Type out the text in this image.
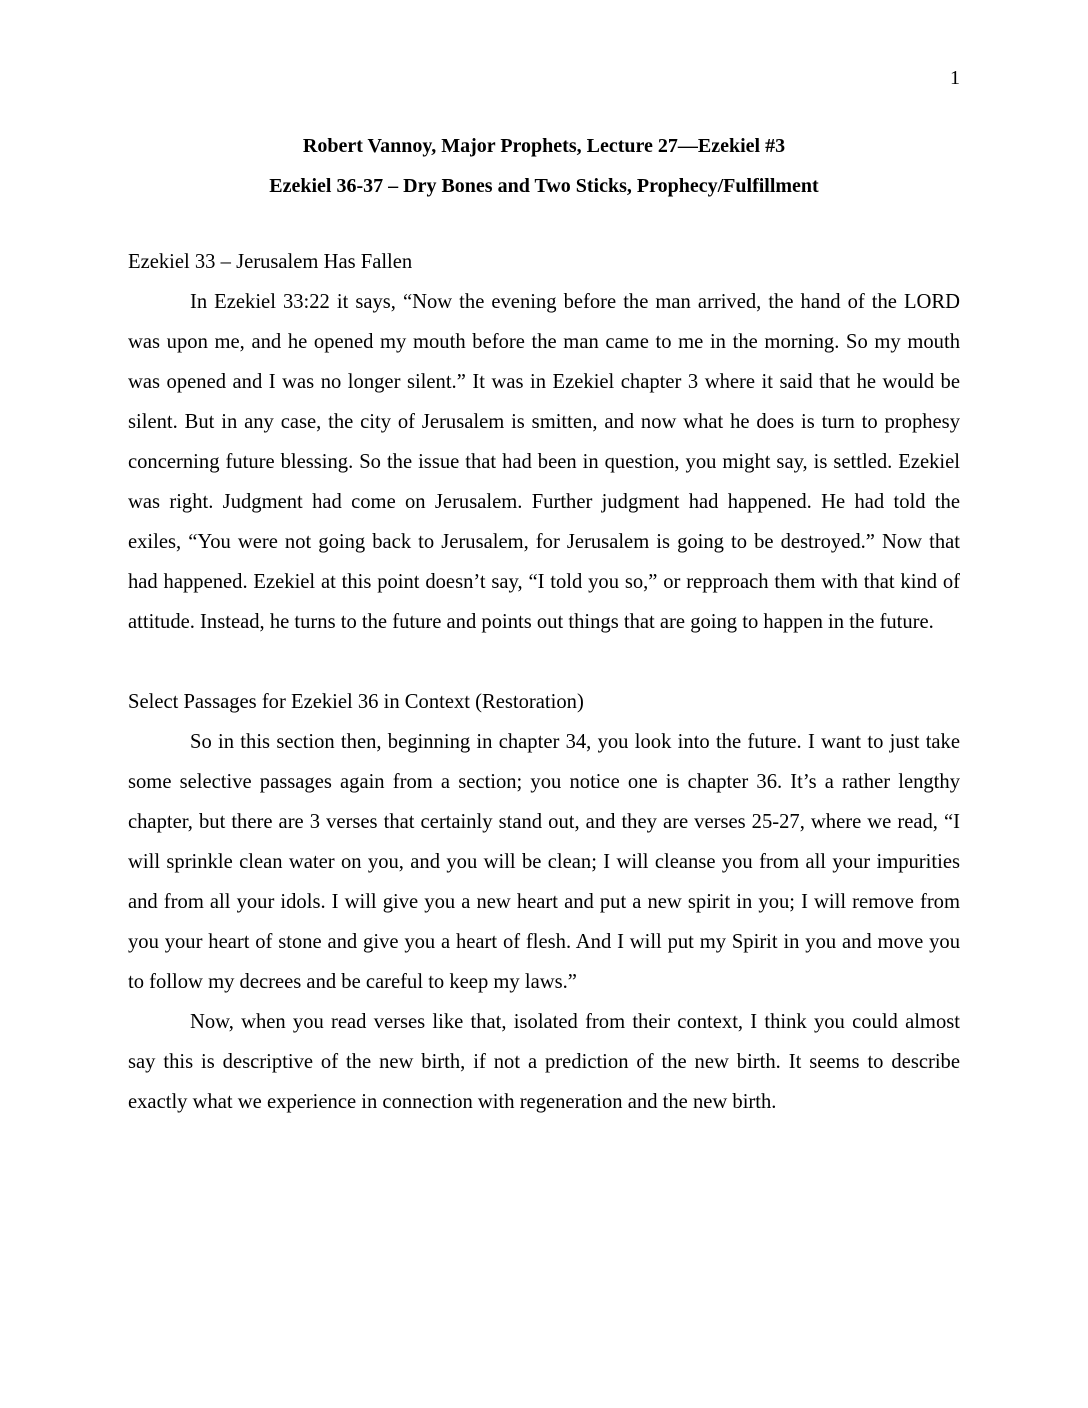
1
Robert Vannoy, Major Prophets, Lecture 27—Ezekiel #3
Ezekiel 36-37 – Dry Bones and Two Sticks, Prophecy/Fulfillment

Ezekiel 33 – Jerusalem Has Fallen

In Ezekiel 33:22 it says, “Now the evening before the man arrived, the hand of the LORD was upon me, and he opened my mouth before the man came to me in the morning. So my mouth was opened and I was no longer silent.” It was in Ezekiel chapter 3 where it said that he would be silent. But in any case, the city of Jerusalem is smitten, and now what he does is turn to prophesy concerning future blessing. So the issue that had been in question, you might say, is settled. Ezekiel was right. Judgment had come on Jerusalem. Further judgment had happened. He had told the exiles, “You were not going back to Jerusalem, for Jerusalem is going to be destroyed.” Now that had happened. Ezekiel at this point doesn’t say, “I told you so,” or repproach them with that kind of attitude. Instead, he turns to the future and points out things that are going to happen in the future.

Select Passages for Ezekiel 36 in Context (Restoration)

So in this section then, beginning in chapter 34, you look into the future. I want to just take some selective passages again from a section; you notice one is chapter 36. It’s a rather lengthy chapter, but there are 3 verses that certainly stand out, and they are verses 25-27, where we read, “I will sprinkle clean water on you, and you will be clean; I will cleanse you from all your impurities and from all your idols. I will give you a new heart and put a new spirit in you; I will remove from you your heart of stone and give you a heart of flesh. And I will put my Spirit in you and move you to follow my decrees and be careful to keep my laws.”

Now, when you read verses like that, isolated from their context, I think you could almost say this is descriptive of the new birth, if not a prediction of the new birth. It seems to describe exactly what we experience in connection with regeneration and the new birth.
